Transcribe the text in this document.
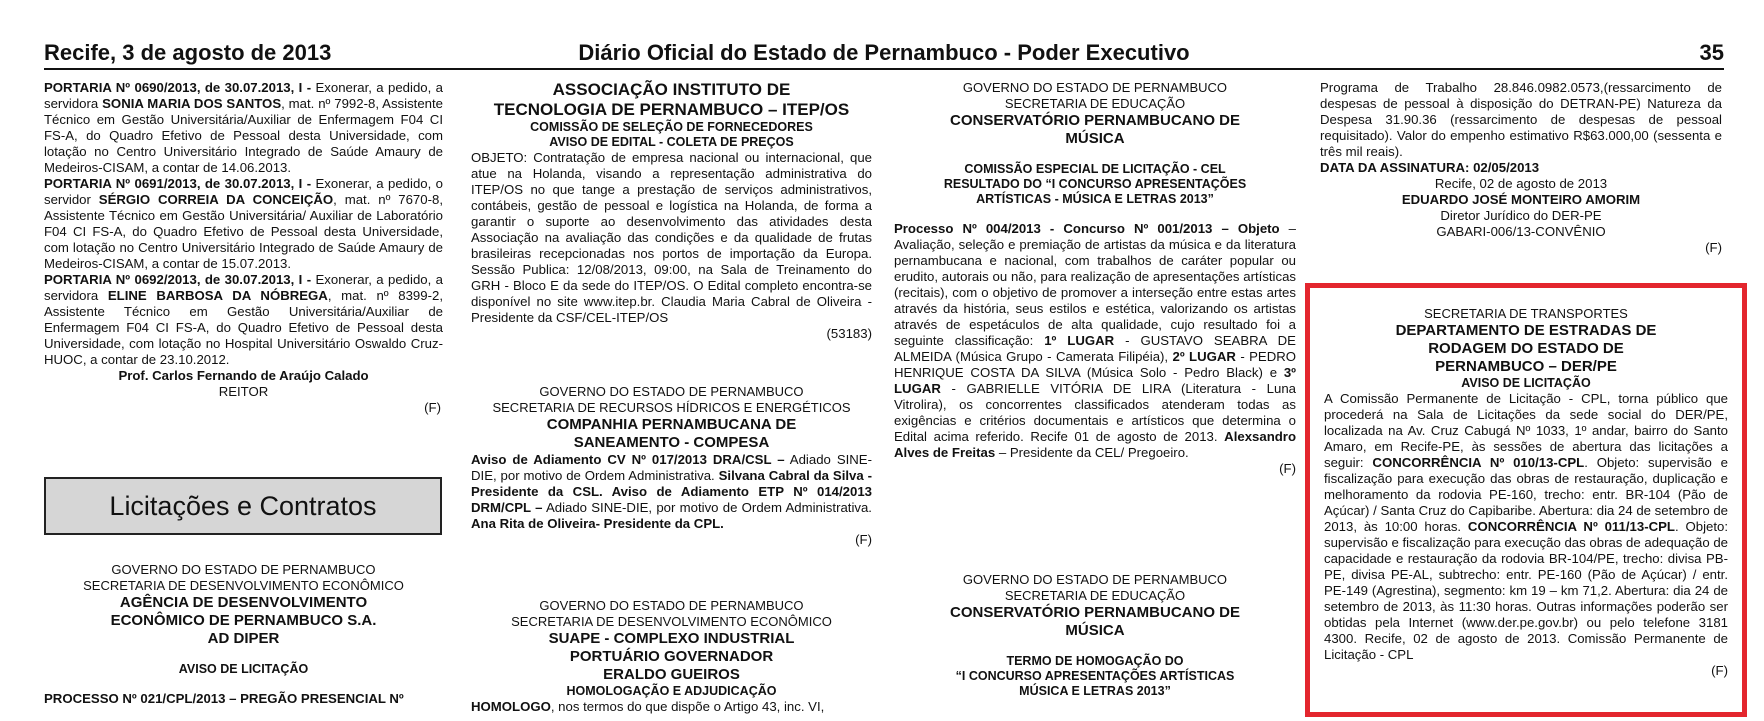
Recife, 3 de agosto de 2013	Diário Oficial do Estado de Pernambuco - Poder Executivo	35

PORTARIA Nº 0690/2013, de 30.07.2013, I - Exonerar, a pedido, a servidora SONIA MARIA DOS SANTOS, mat. nº 7992-8, Assistente Técnico em Gestão Universitária/Auxiliar de Enfermagem F04 CI FS-A, do Quadro Efetivo de Pessoal desta Universidade, com lotação no Centro Universitário Integrado de Saúde Amaury de Medeiros-CISAM, a contar de 14.06.2013.

PORTARIA Nº 0691/2013, de 30.07.2013, I - Exonerar, a pedido, o servidor SÉRGIO CORREIA DA CONCEIÇÃO, mat. nº 7670-8, Assistente Técnico em Gestão Universitária/ Auxiliar de Laboratório F04 CI FS-A, do Quadro Efetivo de Pessoal desta Universidade, com lotação no Centro Universitário Integrado de Saúde Amaury de Medeiros-CISAM, a contar de 15.07.2013.

PORTARIA Nº 0692/2013, de 30.07.2013, I - Exonerar, a pedido, a servidora ELINE BARBOSA DA NÓBREGA, mat. nº 8399-2, Assistente Técnico em Gestão Universitária/Auxiliar de Enfermagem F04 CI FS-A, do Quadro Efetivo de Pessoal desta Universidade, com lotação no Hospital Universitário Oswaldo Cruz-HUOC, a contar de 23.10.2012.

Prof. Carlos Fernando de Araújo Calado

REITOR

(F)

Licitações e Contratos

GOVERNO DO ESTADO DE PERNAMBUCO

SECRETARIA DE DESENVOLVIMENTO ECONÔMICO

AGÊNCIA DE DESENVOLVIMENTO

ECONÔMICO DE PERNAMBUCO S.A.

AD DIPER

AVISO DE LICITAÇÃO

PROCESSO Nº 021/CPL/2013 – PREGÃO PRESENCIAL Nº

ASSOCIAÇÃO INSTITUTO DE

TECNOLOGIA DE PERNAMBUCO – ITEP/OS

COMISSÃO DE SELEÇÃO DE FORNECEDORES

AVISO DE EDITAL - COLETA DE PREÇOS

OBJETO: Contratação de empresa nacional ou internacional, que atue na Holanda, visando a representação administrativa do ITEP/OS no que tange a prestação de serviços administrativos, contábeis, gestão de pessoal e logística na Holanda, de forma a garantir o suporte ao desenvolvimento das atividades desta Associação na avaliação das condições e da qualidade de frutas brasileiras recepcionadas nos portos de importação da Europa. Sessão Publica: 12/08/2013, 09:00, na Sala de Treinamento do GRH - Bloco E da sede do ITEP/OS. O Edital completo encontra-se disponível no site www.itep.br. Claudia Maria Cabral de Oliveira - Presidente da CSF/CEL-ITEP/OS

(53183)

GOVERNO DO ESTADO DE PERNAMBUCO

SECRETARIA DE RECURSOS HÍDRICOS E ENERGÉTICOS

COMPANHIA PERNAMBUCANA DE

SANEAMENTO - COMPESA

Aviso de Adiamento CV Nº 017/2013 DRA/CSL – Adiado SINE-DIE, por motivo de Ordem Administrativa. Silvana Cabral da Silva - Presidente da CSL. Aviso de Adiamento ETP Nº 014/2013 DRM/CPL – Adiado SINE-DIE, por motivo de Ordem Administrativa. Ana Rita de Oliveira- Presidente da CPL.

(F)

GOVERNO DO ESTADO DE PERNAMBUCO

SECRETARIA DE DESENVOLVIMENTO ECONÔMICO

SUAPE - COMPLEXO INDUSTRIAL

PORTUÁRIO GOVERNADOR

ERALDO GUEIROS

HOMOLOGAÇÃO E ADJUDICAÇÃO

HOMOLOGO, nos termos do que dispõe o Artigo 43, inc. VI,

GOVERNO DO ESTADO DE PERNAMBUCO

SECRETARIA DE EDUCAÇÃO

CONSERVATÓRIO PERNAMBUCANO DE

MÚSICA

COMISSÃO ESPECIAL DE LICITAÇÃO - CEL

RESULTADO DO “I CONCURSO APRESENTAÇÕES

ARTÍSTICAS - MÚSICA E LETRAS 2013”

Processo Nº 004/2013 - Concurso Nº 001/2013 – Objeto – Avaliação, seleção e premiação de artistas da música e da literatura pernambucana e nacional, com trabalhos de caráter popular ou erudito, autorais ou não, para realização de apresentações artísticas (recitais), com o objetivo de promover a interseção entre estas artes através da história, seus estilos e estética, valorizando os artistas através de espetáculos de alta qualidade, cujo resultado foi a seguinte classificação: 1º LUGAR - GUSTAVO SEABRA DE ALMEIDA (Música Grupo - Camerata Filipéia), 2º LUGAR - PEDRO HENRIQUE COSTA DA SILVA (Música Solo - Pedro Black) e 3º LUGAR - GABRIELLE VITÓRIA DE LIRA (Literatura - Luna Vitrolira), os concorrentes classificados atenderam todas as exigências e critérios documentais e artísticos que determina o Edital acima referido. Recife 01 de agosto de 2013. Alexsandro Alves de Freitas – Presidente da CEL/ Pregoeiro.

(F)

GOVERNO DO ESTADO DE PERNAMBUCO

SECRETARIA DE EDUCAÇÃO

CONSERVATÓRIO PERNAMBUCANO DE

MÚSICA

TERMO DE HOMOGAÇÃO DO

“I CONCURSO APRESENTAÇÕES ARTÍSTICAS

MÚSICA E LETRAS 2013”

Programa de Trabalho 28.846.0982.0573,(ressarcimento de despesas de pessoal à disposição do DETRAN-PE) Natureza da Despesa 31.90.36 (ressarcimento de despesas de pessoal requisitado). Valor do empenho estimativo R$63.000,00 (sessenta e três mil reais).

DATA DA ASSINATURA: 02/05/2013

Recife, 02 de agosto de 2013

EDUARDO JOSÉ MONTEIRO AMORIM

Diretor Jurídico do DER-PE

GABARI-006/13-CONVÊNIO

(F)

SECRETARIA DE TRANSPORTES

DEPARTAMENTO DE ESTRADAS DE

RODAGEM DO ESTADO DE

PERNAMBUCO – DER/PE

AVISO DE LICITAÇÃO

A Comissão Permanente de Licitação - CPL, torna público que procederá na Sala de Licitações da sede social do DER/PE, localizada na Av. Cruz Cabugá Nº 1033, 1º andar, bairro do Santo Amaro, em Recife-PE, às sessões de abertura das licitações a seguir: CONCORRÊNCIA Nº 010/13-CPL. Objeto: supervisão e fiscalização para execução das obras de restauração, duplicação e melhoramento da rodovia PE-160, trecho: entr. BR-104 (Pão de Açúcar) / Santa Cruz do Capibaribe. Abertura: dia 24 de setembro de 2013, às 10:00 horas. CONCORRÊNCIA Nº 011/13-CPL. Objeto: supervisão e fiscalização para execução das obras de adequação de capacidade e restauração da rodovia BR-104/PE, trecho: divisa PB-PE, divisa PE-AL, subtrecho: entr. PE-160 (Pão de Açúcar) / entr. PE-149 (Agrestina), segmento: km 19 – km 71,2. Abertura: dia 24 de setembro de 2013, às 11:30 horas. Outras informações poderão ser obtidas pela Internet (www.der.pe.gov.br) ou pelo telefone 3181 4300. Recife, 02 de agosto de 2013. Comissão Permanente de Licitação - CPL

(F)
